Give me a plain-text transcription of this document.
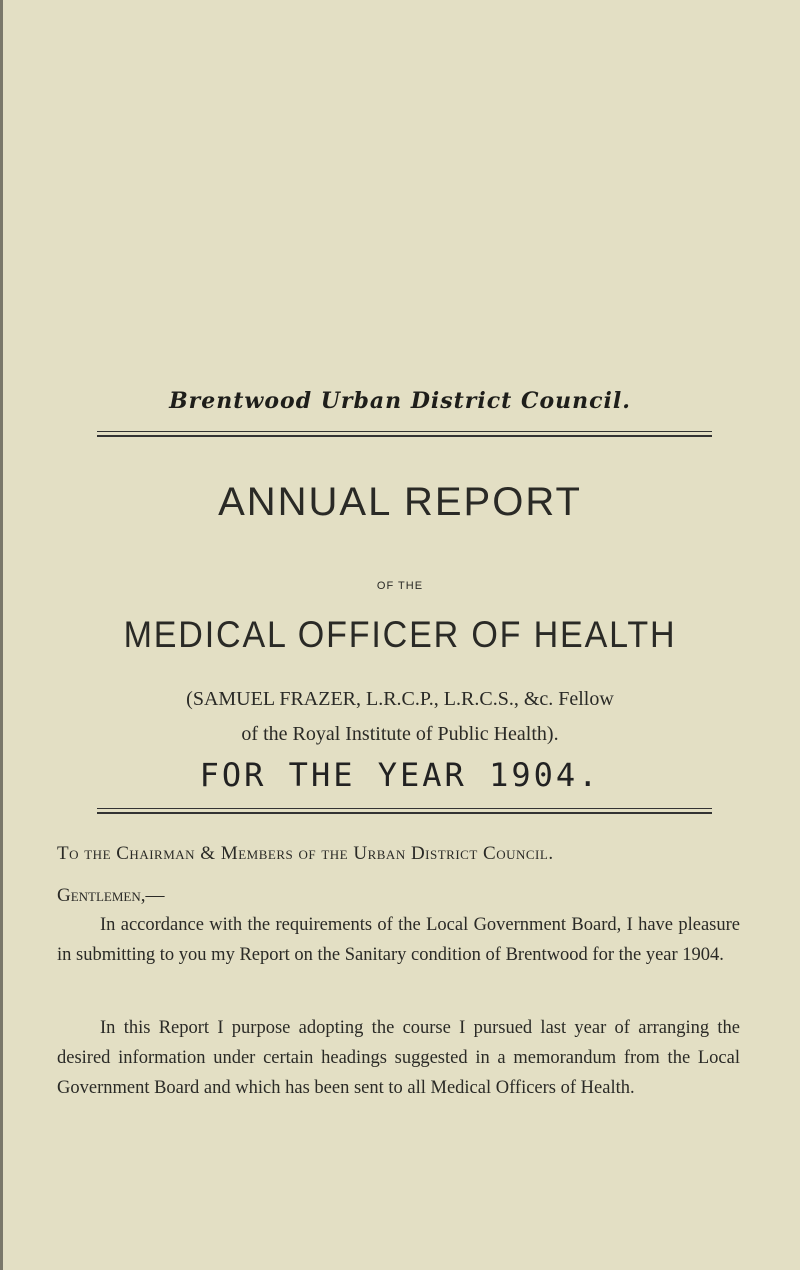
Brentwood Urban District Council.
ANNUAL REPORT
OF THE
MEDICAL OFFICER OF HEALTH
(SAMUEL FRAZER, L.R.C.P., L.R.C.S., &c. Fellow
of the Royal Institute of Public Health).
FOR THE YEAR 1904.
To the Chairman & Members of the Urban District Council.
Gentlemen,—
In accordance with the requirements of the Local Government Board, I have pleasure in submitting to you my Report on the Sanitary condition of Brentwood for the year 1904.
In this Report I purpose adopting the course I pursued last year of arranging the desired information under certain headings suggested in a memorandum from the Local Government Board and which has been sent to all Medical Officers of Health.
